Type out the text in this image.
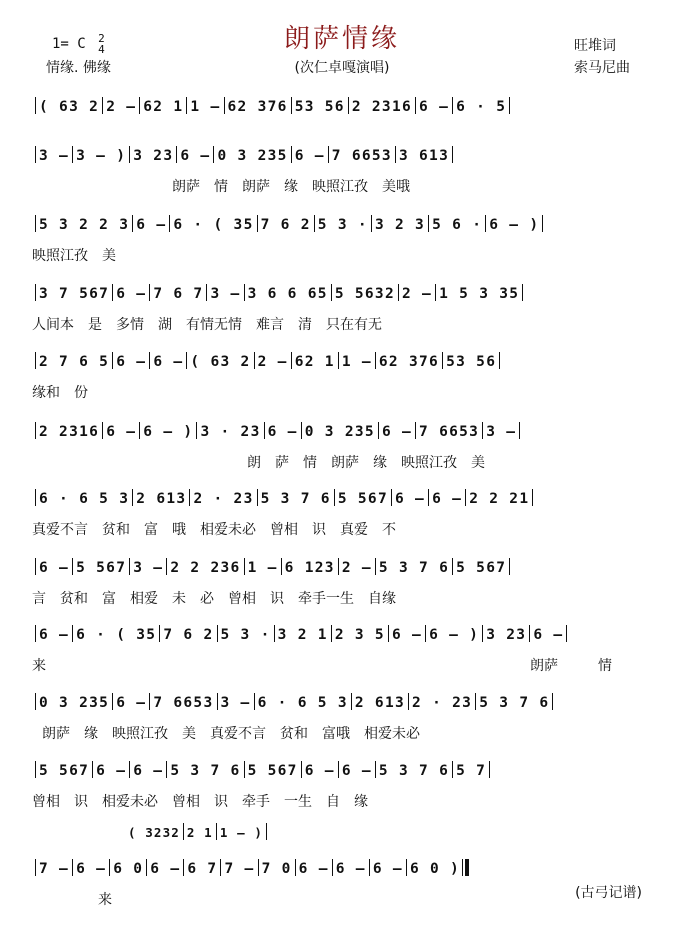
朗萨情缘
(次仁卓嘎演唱)
1= C 2
4
情缘. 佛缘
旺堆词
索马尼曲
( 63 2 2 – 62 1 1 – 62 376 53 56 2 2316 6 – 6 · 5
3 – 3 – ) 3 23 6 – 0 3 235 6 – 7 6653 3 613
朗萨 情 朗萨 缘 映照江孜 美哦
5 3 2 2 3 6 – 6 · ( 35 7 6 2 5 3 · 3 2 3 5 6 · 6 – )
映照江孜 美
3 7 567 6 – 7 6 7 3 – 3 6 6 65 5 5632 2 – 1 5 3 35
人间本 是 多情 湖 有情无情 难言 清 只在有无
2 7 6 5 6 – 6 – ( 63 2 2 – 62 1 1 – 62 376 53 56
缘和 份
2 2316 6 – 6 – ) 3 · 23 6 – 0 3 235 6 – 7 6653 3 –
朗 萨 情 朗萨 缘 映照江孜 美
6 · 6 5 3 2 613 2 · 23 5 3 7 6 5 567 6 – 6 – 2 2 21
真爱不言 贫和 富 哦 相爱未必 曾相 识 真爱 不
6 – 5 567 3 – 2 2 236 1 – 6 123 2 – 5 3 7 6 5 567
言 贫和 富 相爱 未 必 曾相 识 牵手一生 自缘
6 – 6 · ( 35 7 6 2 5 3 · 3 2 1 2 3 5 6 – 6 – ) 3 23 6 –
来	朗萨	情
0 3 235 6 – 7 6653 3 – 6 · 6 5 3 2 613 2 · 23 5 3 7 6
朗萨 缘 映照江孜 美 真爱不言 贫和 富哦 相爱未必
5 567 6 – 6 – 5 3 7 6 5 567 6 – 6 – 5 3 7 6 5 7
曾相 识 相爱未必 曾相 识 牵手 一生 自 缘
( 3232 2 1 1 – )
7 – 6 – 6 0 6 – 6 7 7 – 7 0 6 – 6 – 6 – 6 0 )
来	(古弓记谱)
